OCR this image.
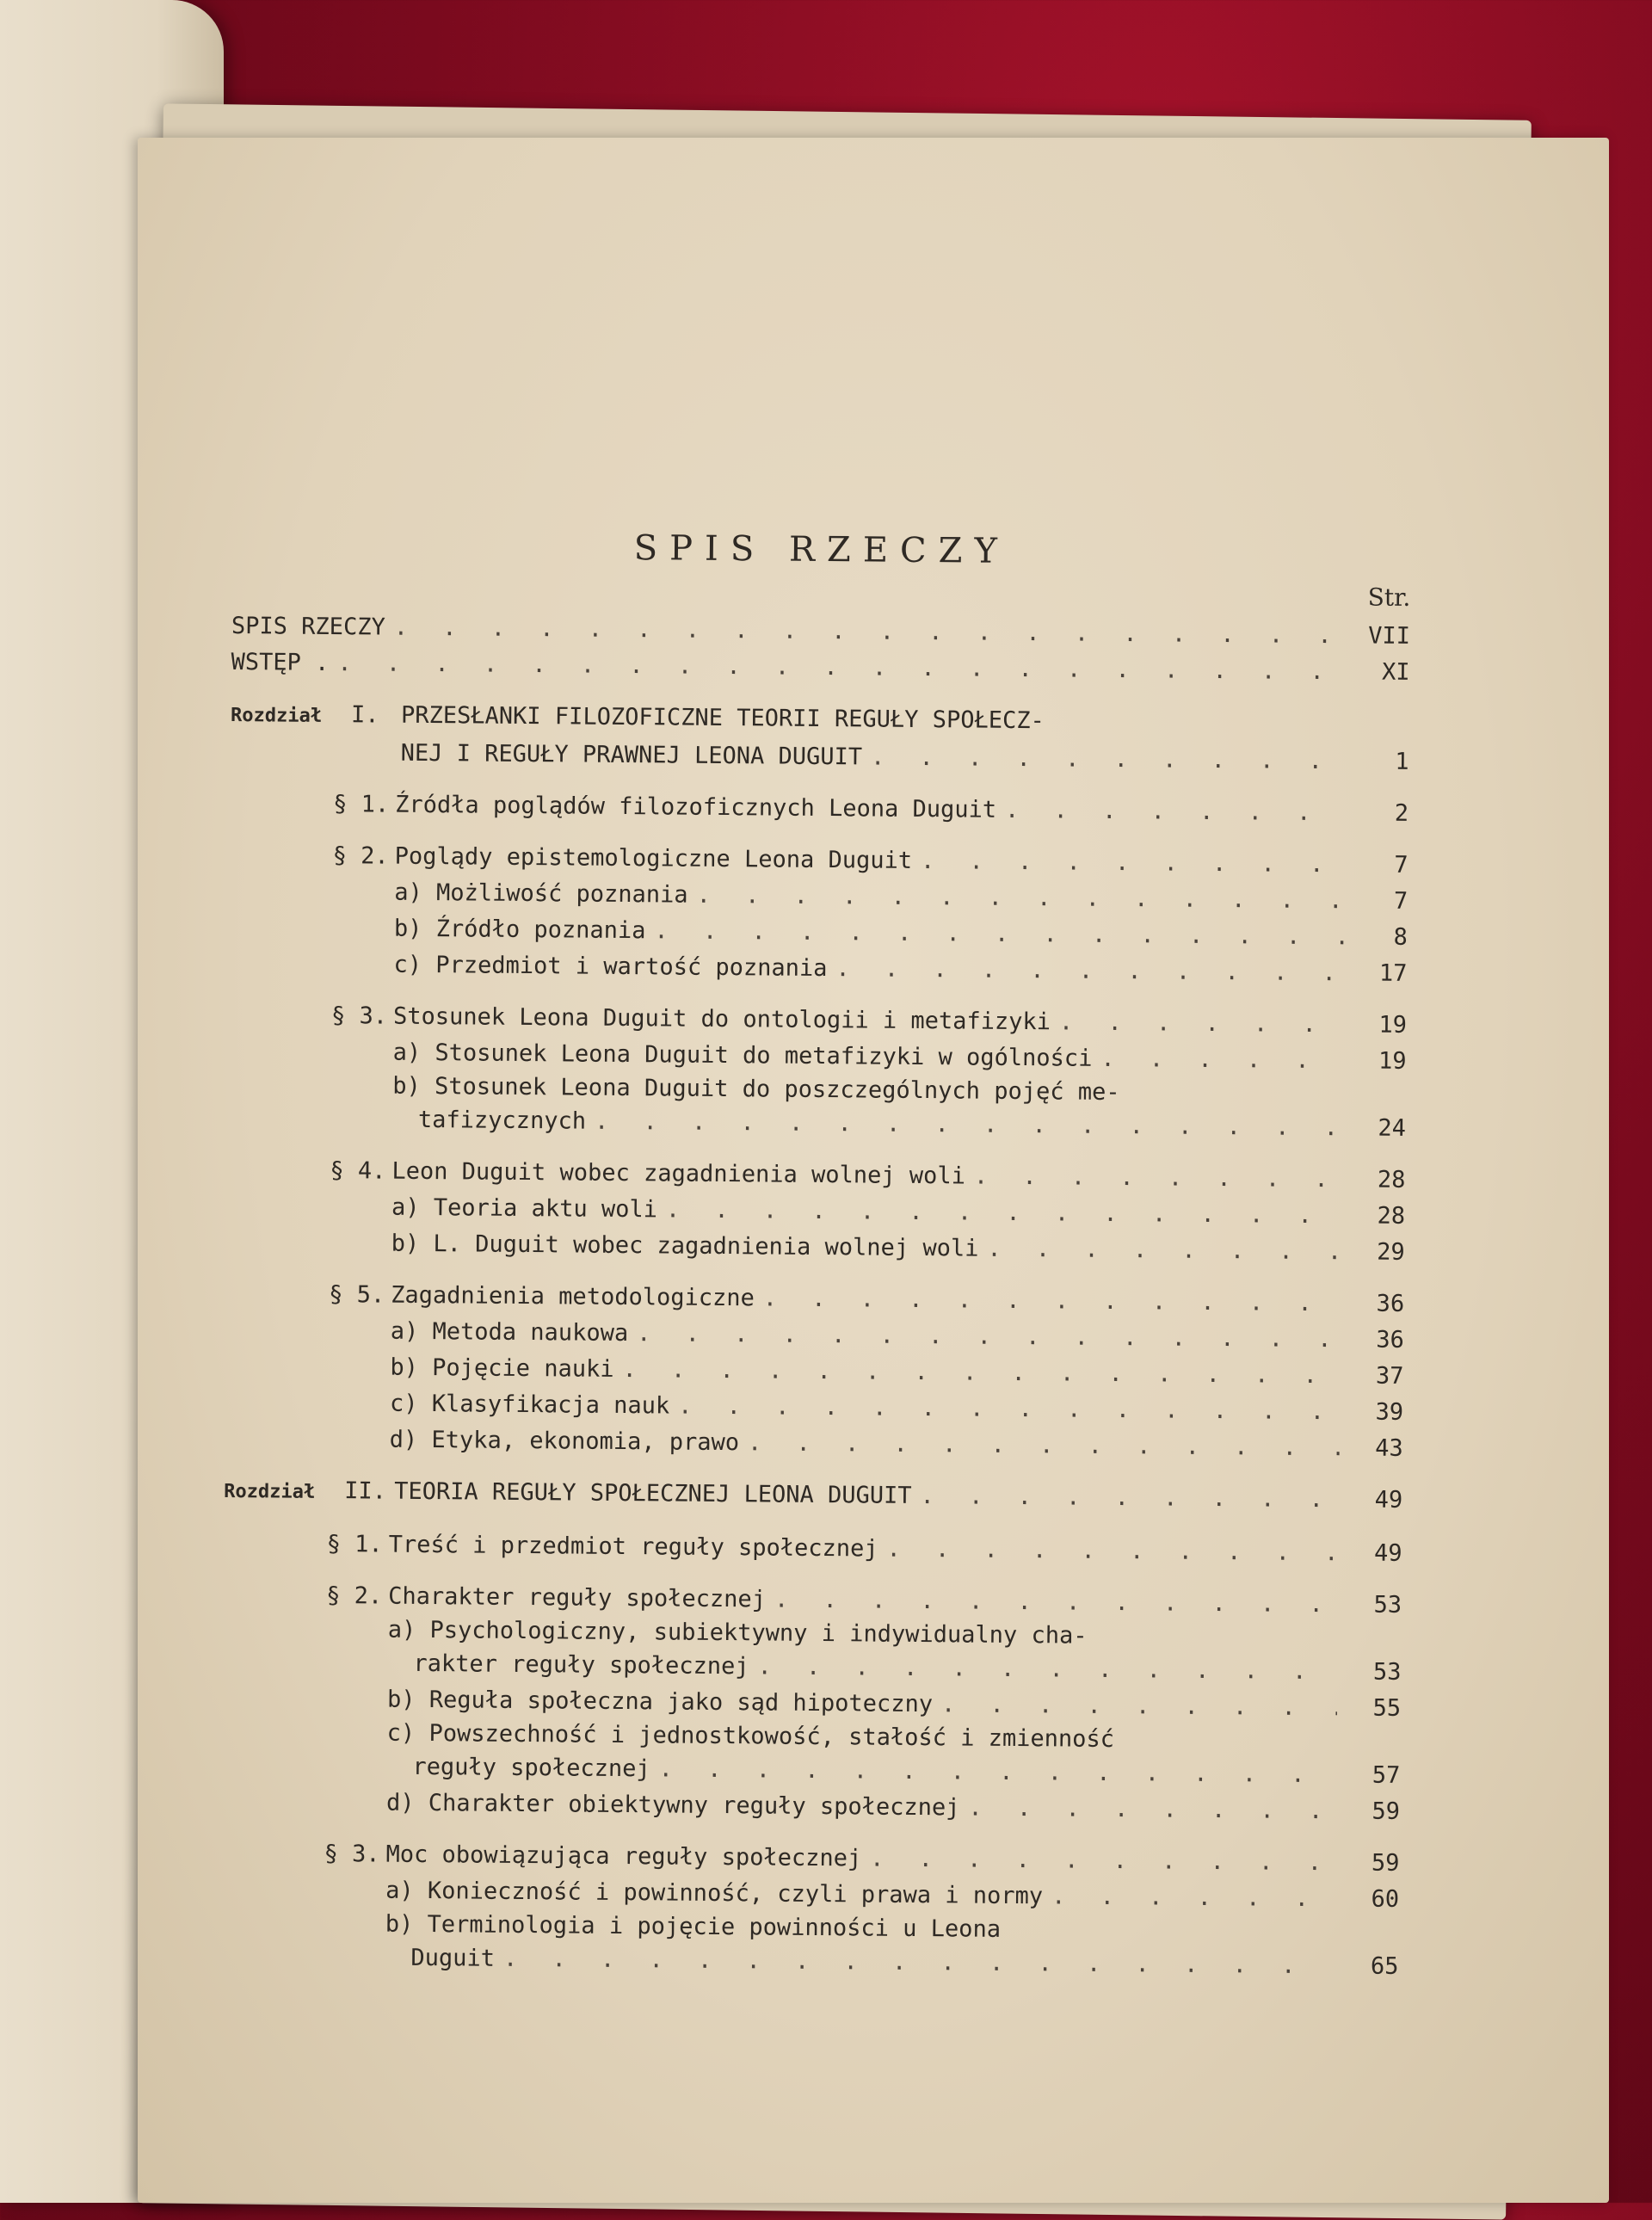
SPIS RZECZY
Str.
SPIS RZECZY . . .	VII
WSTĘP . . . .	XI
Rozdział	I. PRZESŁANKI FILOZOFICZNE TEORII REGUŁY SPOŁECZ-
NEJ I REGUŁY PRAWNEJ LEONA DUGUIT . . .	1
§ 1. Źródła poglądów filozoficznych Leona Duguit . . .	2
§ 2. Poglądy epistemologiczne Leona Duguit . . .	7
a) Możliwość poznania . . .	7
b) Źródło poznania . . .	8
c) Przedmiot i wartość poznania . . .	17
§ 3. Stosunek Leona Duguit do ontologii i metafizyki . . .	19
a) Stosunek Leona Duguit do metafizyki w ogólności . . .	19
b) Stosunek Leona Duguit do poszczególnych pojęć me-
tafizycznych . . .	24
§ 4. Leon Duguit wobec zagadnienia wolnej woli . . .	28
a) Teoria aktu woli . . .	28
b) L. Duguit wobec zagadnienia wolnej woli . . .	29
§ 5. Zagadnienia metodologiczne . . .	36
a) Metoda naukowa . . .	36
b) Pojęcie nauki . . .	37
c) Klasyfikacja nauk . . .	39
d) Etyka, ekonomia, prawo . . .	43
Rozdział II. TEORIA REGUŁY SPOŁECZNEJ LEONA DUGUIT . . .	49
§ 1. Treść i przedmiot reguły społecznej . . .	49
§ 2. Charakter reguły społecznej . . .	53
a) Psychologiczny, subiektywny i indywidualny cha-
rakter reguły społecznej . . .	53
b) Reguła społeczna jako sąd hipoteczny . . .	55
c) Powszechność i jednostkowość, stałość i zmienność
reguły społecznej . . .	57
d) Charakter obiektywny reguły społecznej . . .	59
§ 3. Moc obowiązująca reguły społecznej . . .	59
a) Konieczność i powinność, czyli prawa i normy . . .	60
b) Terminologia i pojęcie powinności u Leona
Duguit . . .	65
